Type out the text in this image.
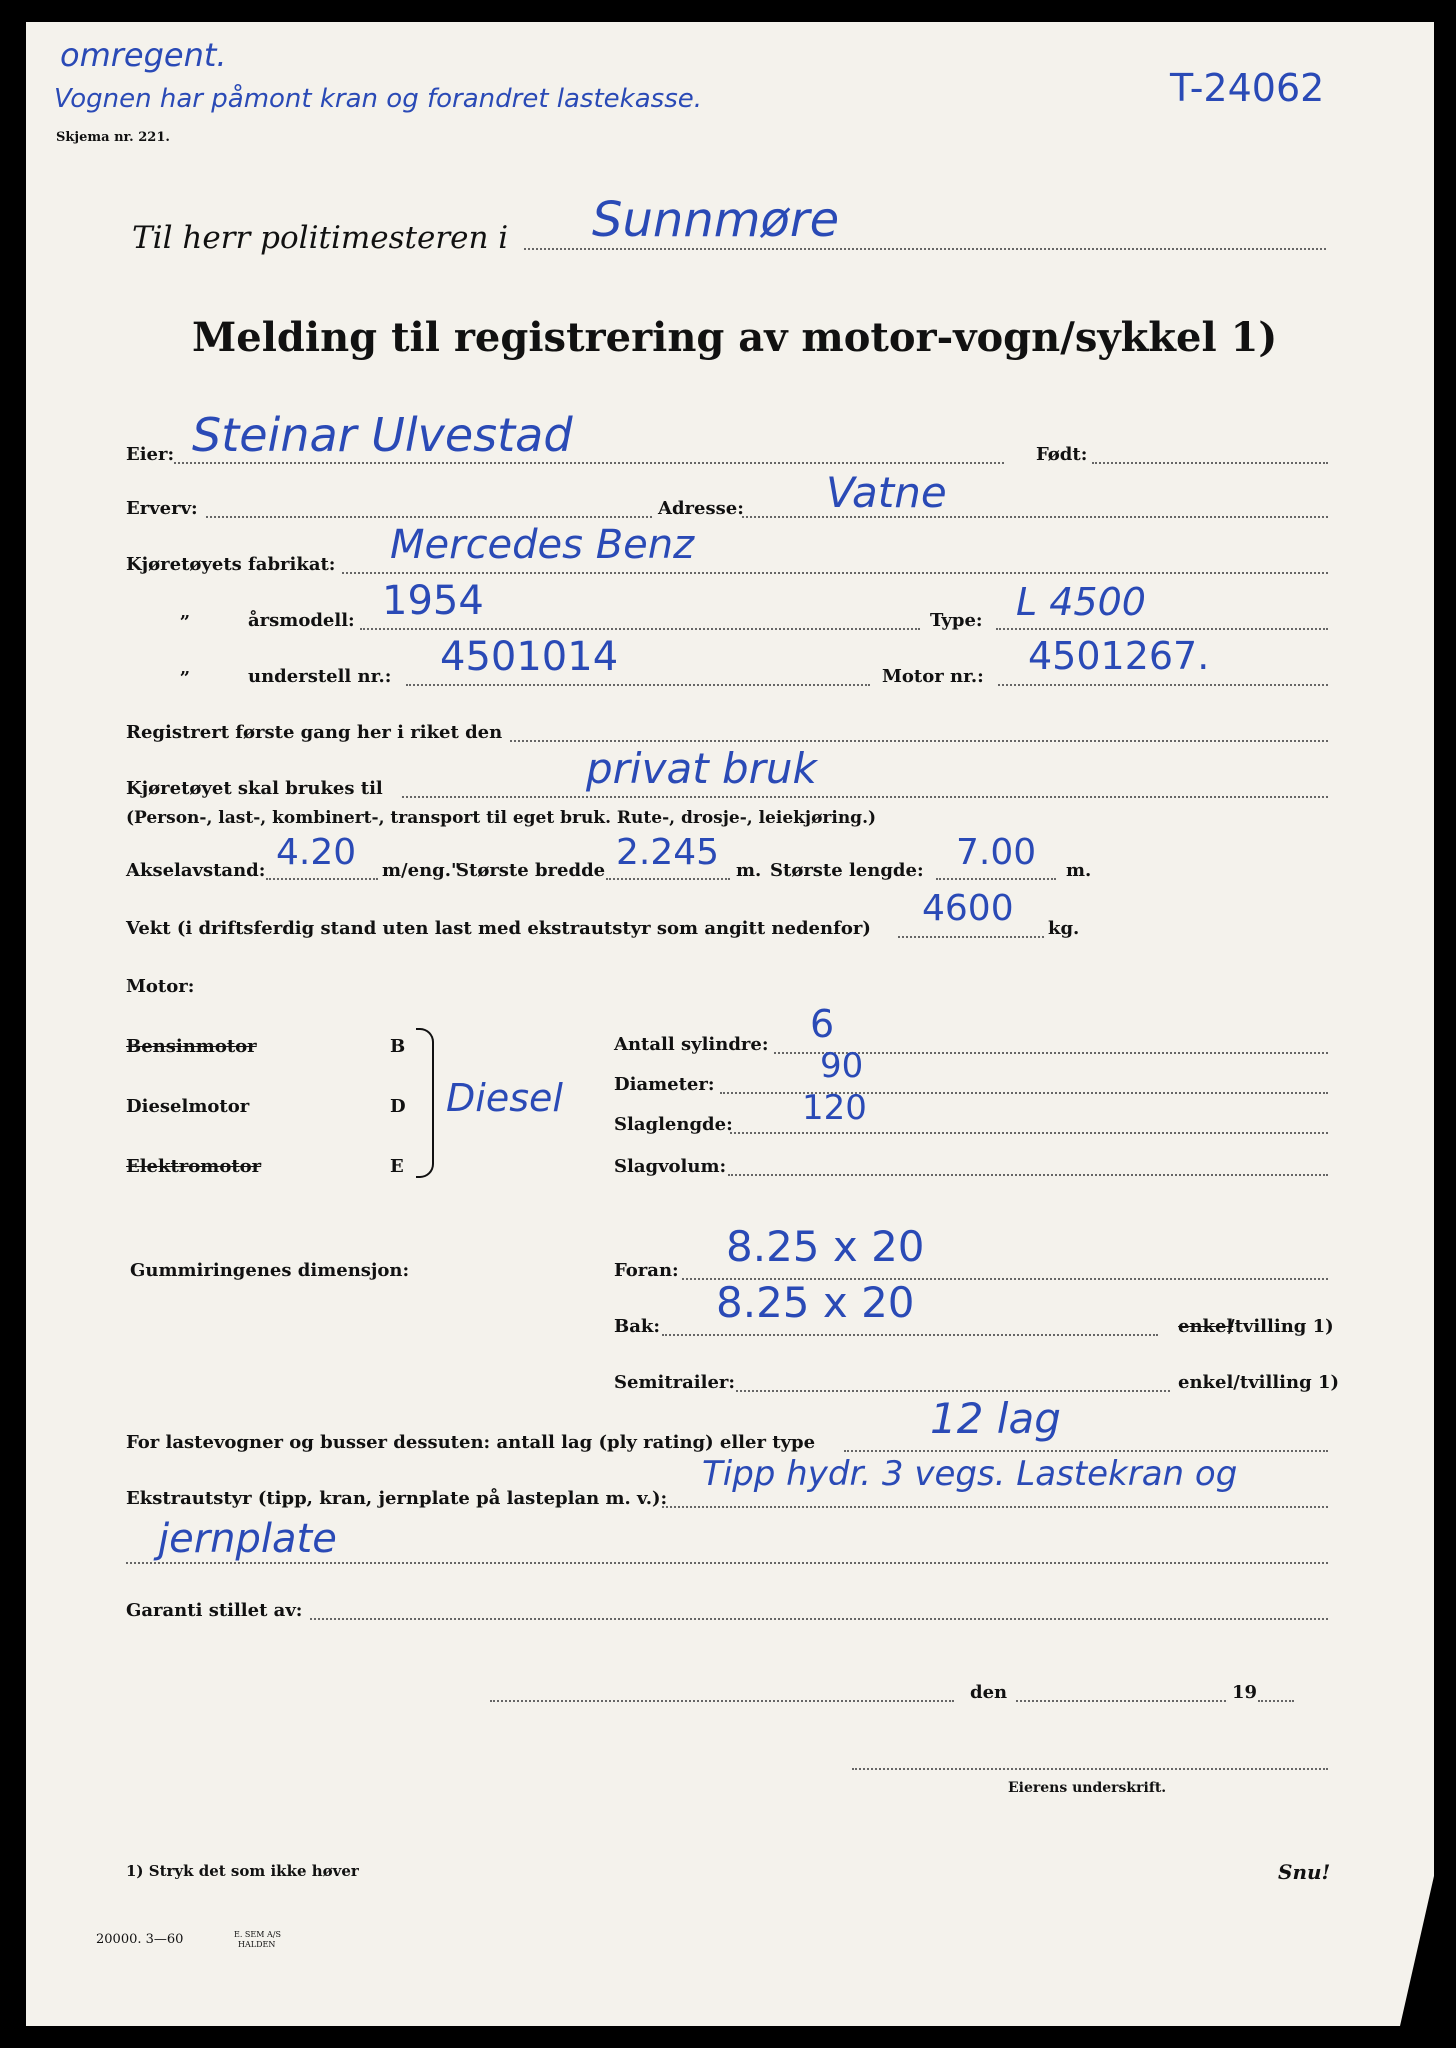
omregent.
Vognen har påmont kran og forandret lastekasse.	T-24062
Skjema nr. 221.
Til herr politimesteren i Sunnmøre
Melding til registrering av motor-vogn/sykkel 1)
Eier: Steinar Ulvestad	Født:
Erverv:	Adresse: Vatne
Kjøretøyets fabrikat: Mercedes Benz
„	årsmodell: 1954	Type: L 4500
„	understell nr.: 4501014	Motor nr.: 4501267.
Registrert første gang her i riket den
Kjøretøyet skal brukes til	privat bruk
(Person-, last-, kombinert-, transport til eget bruk. Rute-, drosje-, leiekjøring.)
Akselavstand: 4.20 m/eng."
Største bredde 2.245 m. Største lengde: 7.00 m.
Vekt (i driftsferdig stand uten last med ekstrautstyr som angitt nedenfor) 4600 kg.
Motor:
Bensinmotor	B
Dieselmotor	D
Elektromotor	E
Diesel
Antall sylindre: 6
Diameter:	90
Slaglengde: 120
Slagvolum:
Gummiringenes dimensjon:	Foran: 8.25 x 20
Bak: 8.25 x 20	enkel
/tvilling 1)
Semitrailer:	enkel/tvilling 1)
For lastevogner og busser dessuten: antall lag (ply rating) eller type	12 lag
Ekstrautstyr (tipp, kran, jernplate på lasteplan m. v.):
Tipp hydr. 3 vegs. Lastekran og
jernplate
Garanti stillet av:
den	19
Eierens underskrift.
1) Stryk det som ikke høver	Snu!
20000. 3—60	E. SEM A/S
HALDEN
